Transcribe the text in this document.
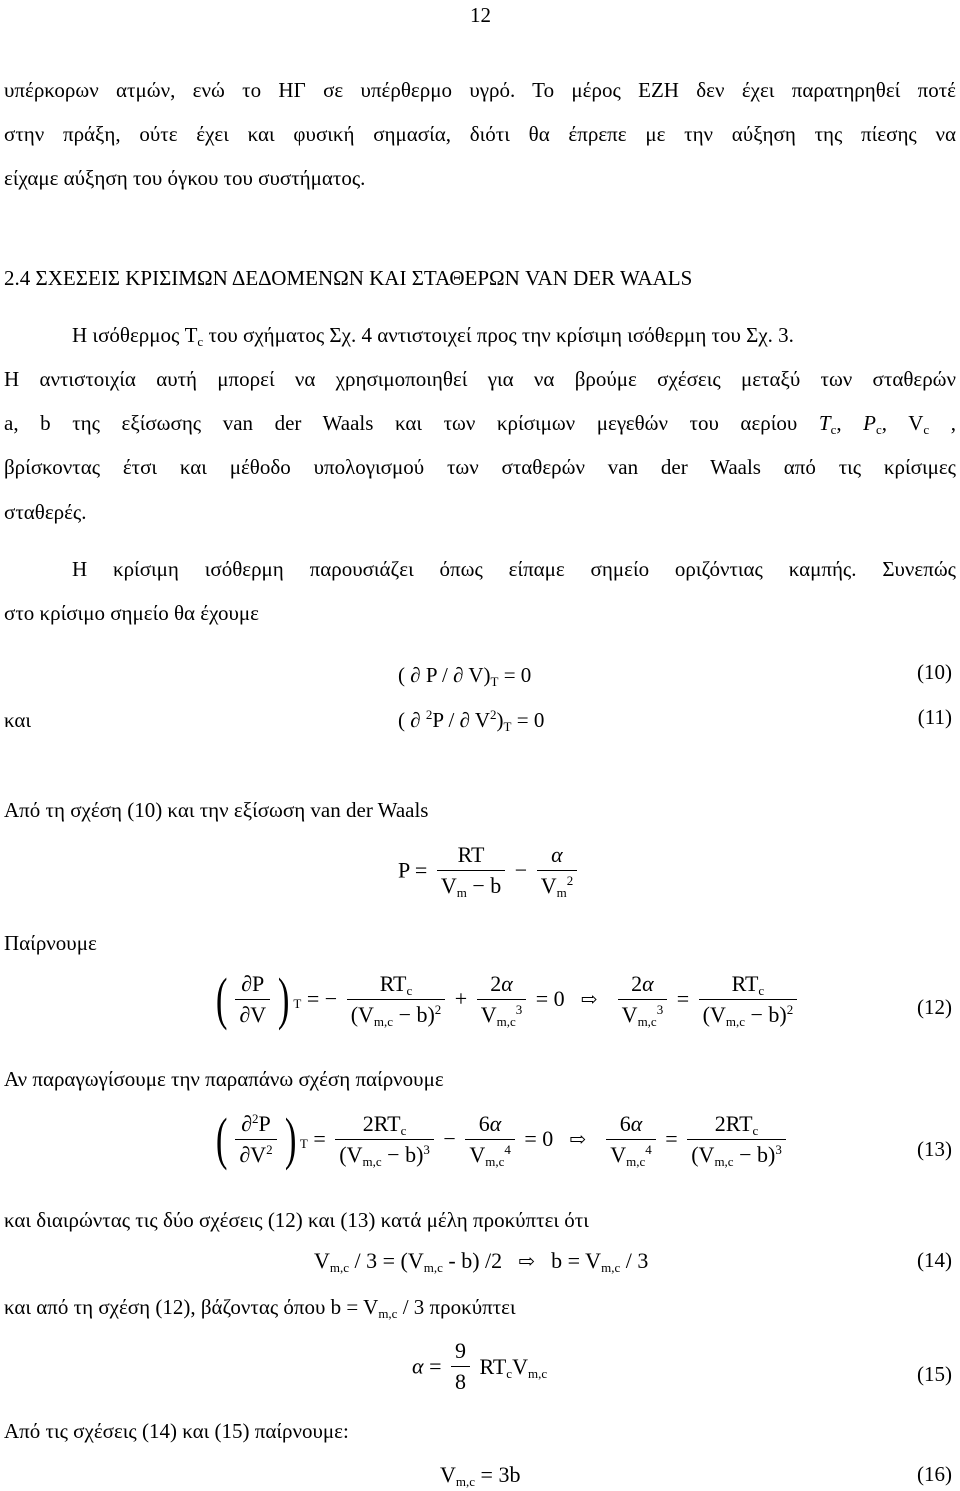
12
υπέρκορων ατμών, ενώ το ΗΓ σε υπέρθερμο υγρό. Το μέρος ΕΖΗ δεν έχει παρατηρηθεί ποτέ
στην πράξη, ούτε έχει και φυσική σημασία, διότι θα έπρεπε με την αύξηση της πίεσης να
είχαμε αύξηση του όγκου του συστήματος.
2.4 ΣΧΕΣΕΙΣ ΚΡΙΣΙΜΩΝ ΔΕΔΟΜΕΝΩΝ ΚΑΙ ΣΤΑΘΕΡΩΝ VAN DER WAALS
Η ισόθερμος $T_c$ του σχήματος Σχ. 4 αντιστοιχεί προς την κρίσιμη ισόθερμη του Σχ. 3.
Η αντιστοιχία αυτή μπορεί να χρησιμοποιηθεί για να βρούμε σχέσεις μεταξύ των σταθερών
a, b της εξίσωσης van der Waals και των κρίσιμων μεγεθών του αερίου $T_c$, $P_c$, $V_c$ ,
βρίσκοντας έτσι και μέθοδο υπολογισμού των σταθερών van der Waals από τις κρίσιμες
σταθερές.
Η κρίσιμη ισόθερμη παρουσιάζει όπως είπαμε σημείο οριζόντιας καμπής. Συνεπώς
στο κρίσιμο σημείο θα έχουμε
( ∂ P / ∂ $V)_T = 0$	(10)
και	( ∂ $^2$P / ∂ $V^2)_T = 0$	(11)
Από τη σχέση (10) και την εξίσωση van der Waals
$P = \frac{RT}{V_m - b} - \frac{\alpha}{V_m^2}$
Παίρνουμε
( $\frac{\partial P}{\partial V}$ ) $_T$ = − $\frac{RT_c}{(V_{m,c} - b)^2} + \frac{2\alpha}{V_{m,c}^3} = 0$ ⇨ $\frac{2\alpha}{V_{m,c}^3} = \frac{RT_c}{(V_{m,c} - b)^2}$	(12)
Αν παραγωγίσουμε την παραπάνω σχέση παίρνουμε
( $\frac{\partial^2P}{\partial V^2}$ ) $_T = \frac{2RT_c}{(V_{m,c} - b)^3} - \frac{6\alpha}{V_{m,c}^4} = 0$ ⇨ $\frac{6\alpha}{V_{m,c}^4} = \frac{2RT_c}{(V_{m,c} - b)^3}$	(13)
και διαιρώντας τις δύο σχέσεις (12) και (13) κατά μέλη προκύπτει ότι
$V_{m,c} / 3 = (V_{m,c} - b)$ /2 ⇨ $b = V_{m,c} / 3$	(14)
και από τη σχέση (12), βάζοντας όπου $b = V_{m,c} / 3$ προκύπτει
$\alpha = \frac{9}{8} RT_cV_{m,c}$	(15)
Από τις σχέσεις (14) και (15) παίρνουμε:
$V_{m,c} = 3b$	(16)
